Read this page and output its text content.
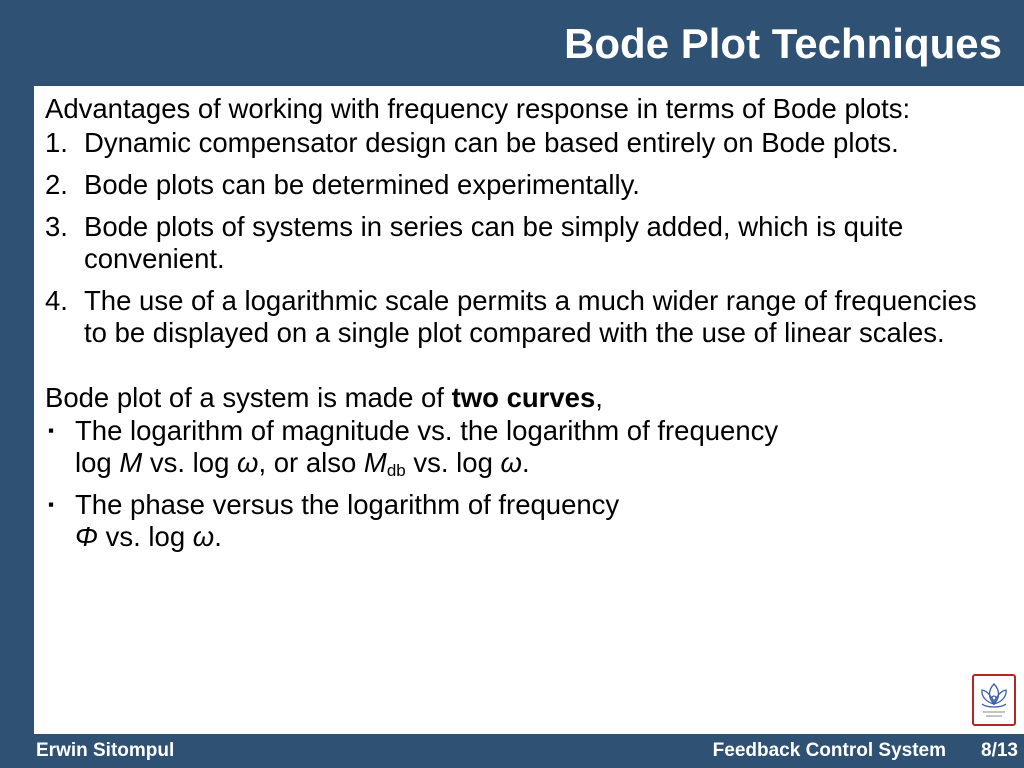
Bode Plot Techniques

Advantages of working with frequency response in terms of Bode plots:

1. Dynamic compensator design can be based entirely on Bode plots.
2. Bode plots can be determined experimentally.
3. Bode plots of systems in series can be simply added, which is quite convenient.
4. The use of a logarithmic scale permits a much wider range of frequencies to be displayed on a single plot compared with the use of linear scales.

Bode plot of a system is made of two curves,

▪ The logarithm of magnitude vs. the logarithm of frequency
log M vs. log ω, or also $M_{db}$ vs. log ω.
▪ The phase versus the logarithm of frequency
Φ vs. log ω.
Erwin Sitompul	Feedback Control System 8/13
